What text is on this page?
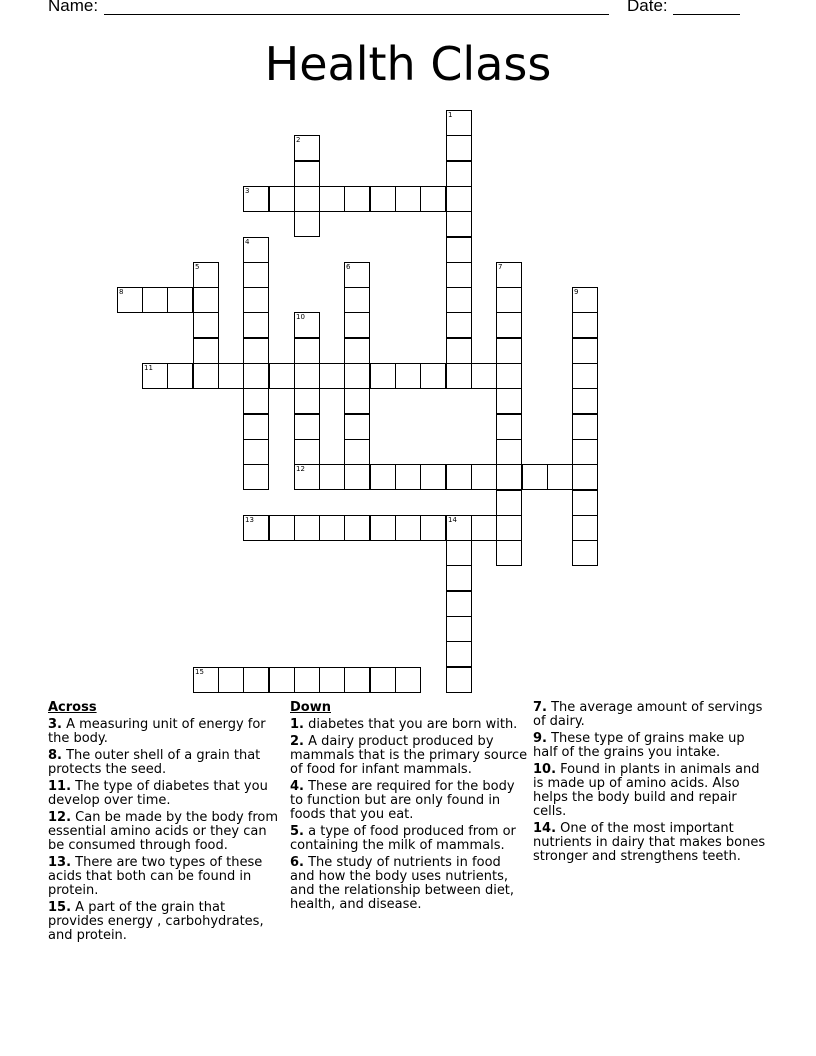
Name:	Date:
Health Class
1
2
3
4
5	6	7
8	9
10
12
11
13	14
15
Across
3. A measuring unit of energy for the body.
8. The outer shell of a grain that protects the seed.
11. The type of diabetes that you develop over time.
12. Can be made by the body from essential amino acids or they can be consumed through food.
13. There are two types of these acids that both can be found in protein.
15. A part of the grain that provides energy , carbohydrates, and protein.
Down
1. diabetes that you are born with.
2. A dairy product produced by mammals that is the primary source of food for infant mammals.
4. These are required for the body to function but are only found in foods that you eat.
5. a type of food produced from or containing the milk of mammals.
6. The study of nutrients in food and how the body uses nutrients, and the relationship between diet, health, and disease.
7. The average amount of servings of dairy.
9. These type of grains make up half of the grains you intake.
10. Found in plants in animals and is made up of amino acids. Also helps the body build and repair cells.
14. One of the most important nutrients in dairy that makes bones stronger and strengthens teeth.
